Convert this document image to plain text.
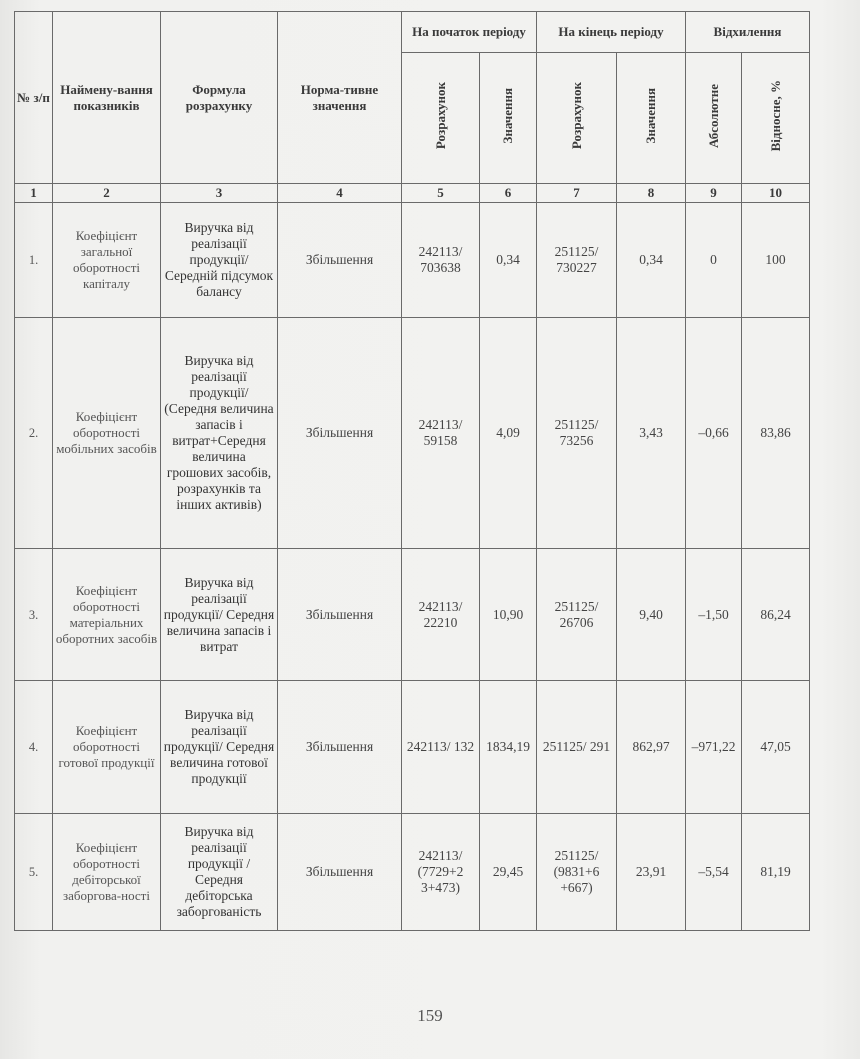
№ з/п	Наймену-вання показників	Формула розрахунку	Норма-тивне значення	На початок періоду		На кінець періоду		Відхилення	
				Розрахунок	Значення	Розрахунок	Значення	Абсолютне	Відносне, %
1	2	3	4	5	6	7	8	9	10
1.	Коефіцієнт загальної оборотності капіталу	Виручка від реалізації продукції/ Середній підсумок балансу	Збільшення	242113/ 703638	0,34	251125/ 730227	0,34	0	100
2.	Коефіцієнт оборотності мобільних засобів	Виручка від реалізації продукції/ (Середня величина запасів і витрат+Середня величина грошових засобів, розрахунків та інших активів)	Збільшення	242113/ 59158	4,09	251125/ 73256	3,43	–0,66	83,86
3.	Коефіцієнт оборотності матеріальних оборотних засобів	Виручка від реалізації продукції/ Середня величина запасів і витрат	Збільшення	242113/ 22210	10,90	251125/ 26706	9,40	–1,50	86,24
4.	Коефіцієнт оборотності готової продукції	Виручка від реалізації продукції/ Середня величина готової продукції	Збільшення	242113/ 132	1834,19	251125/ 291	862,97	–971,22	47,05
5.	Коефіцієнт оборотності дебіторської заборгова-ності	Виручка від реалізації продукції / Середня дебіторська заборгованість	Збільшення	242113/ (7729+2 3+473)	29,45	251125/ (9831+6 +667)	23,91	–5,54	81,19
159
